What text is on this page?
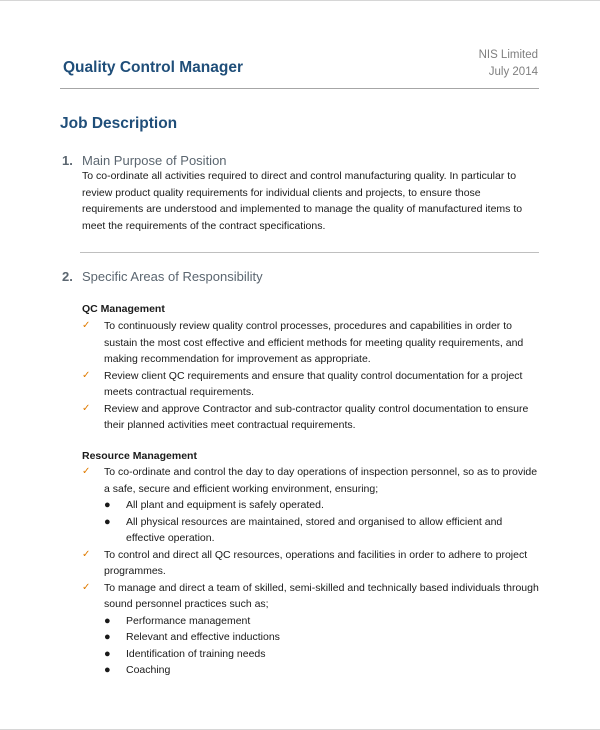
Quality Control Manager
NIS Limited
July 2014
Job Description
1. Main Purpose of Position

To co-ordinate all activities required to direct and control manufacturing quality. In particular to review product quality requirements for individual clients and projects, to ensure those requirements are understood and implemented to manage the quality of manufactured items to meet the requirements of the contract specifications.

2. Specific Areas of Responsibility
QC Management
✓ To continuously review quality control processes, procedures and capabilities in order to sustain the most cost effective and efficient methods for meeting quality requirements, and making recommendation for improvement as appropriate.
✓ Review client QC requirements and ensure that quality control documentation for a project meets contractual requirements.
✓ Review and approve Contractor and sub-contractor quality control documentation to ensure their planned activities meet contractual requirements.
Resource Management
✓ To co-ordinate and control the day to day operations of inspection personnel, so as to provide a safe, secure and efficient working environment, ensuring;
● All plant and equipment is safely operated.
● All physical resources are maintained, stored and organised to allow efficient and effective operation.
✓ To control and direct all QC resources, operations and facilities in order to adhere to project programmes.
✓ To manage and direct a team of skilled, semi-skilled and technically based individuals through sound personnel practices such as;
● Performance management
● Relevant and effective inductions
● Identification of training needs
● Coaching
